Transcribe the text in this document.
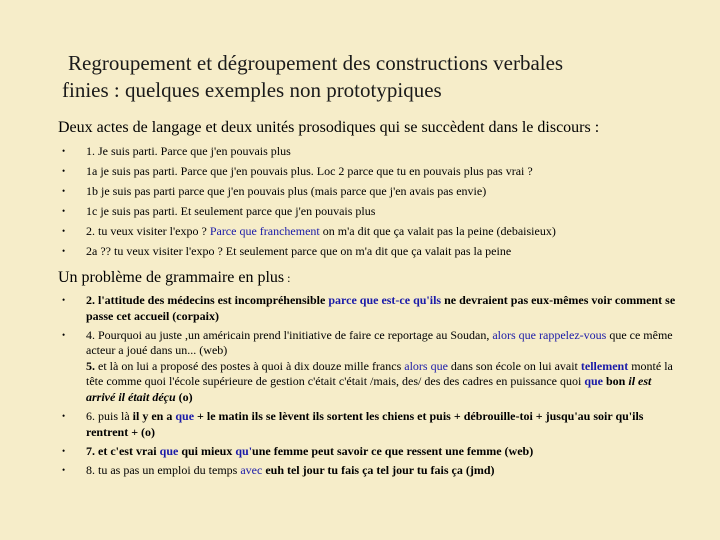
Regroupement et dégroupement des constructions verbales
finies : quelques exemples non prototypiques
Deux actes de langage et deux unités prosodiques qui se succèdent dans le discours :
• 1. Je suis parti. Parce que j'en pouvais plus
• 1a je suis pas parti. Parce que j'en pouvais plus. Loc 2 parce que tu en pouvais plus pas vrai ?
• 1b je suis pas parti parce que j'en pouvais plus (mais parce que j'en avais pas envie)
• 1c je suis pas parti. Et seulement parce que j'en pouvais plus
• 2. tu veux visiter l'expo ? Parce que franchement on m'a dit que ça valait pas la peine (debaisieux)
• 2a ?? tu veux visiter l'expo ? Et seulement parce que on m'a dit que ça valait pas la peine
Un problème de grammaire en plus :
• 2. l'attitude des médecins est incompréhensible parce que est-ce qu'ils ne devraient pas eux-mêmes voir comment se passe cet accueil (corpaix)
• 4. Pourquoi au juste ,un américain prend l'initiative de faire ce reportage au Soudan, alors que rappelez-vous que ce même acteur a joué dans un... (web)
5. et là on lui a proposé des postes à quoi à dix douze mille francs alors que dans son école on lui avait tellement monté la tête comme quoi l'école supérieure de gestion c'était c'était /mais, des/ des des cadres en puissance quoi que bon il est arrivé il était déçu (o)
• 6. puis là il y en a que + le matin ils se lèvent ils sortent les chiens et puis + débrouille-toi + jusqu'au soir qu'ils rentrent + (o)
• 7. et c'est vrai que qui mieux qu'une femme peut savoir ce que ressent une femme (web)
• 8. tu as pas un emploi du temps avec euh tel jour tu fais ça tel jour tu fais ça (jmd)
